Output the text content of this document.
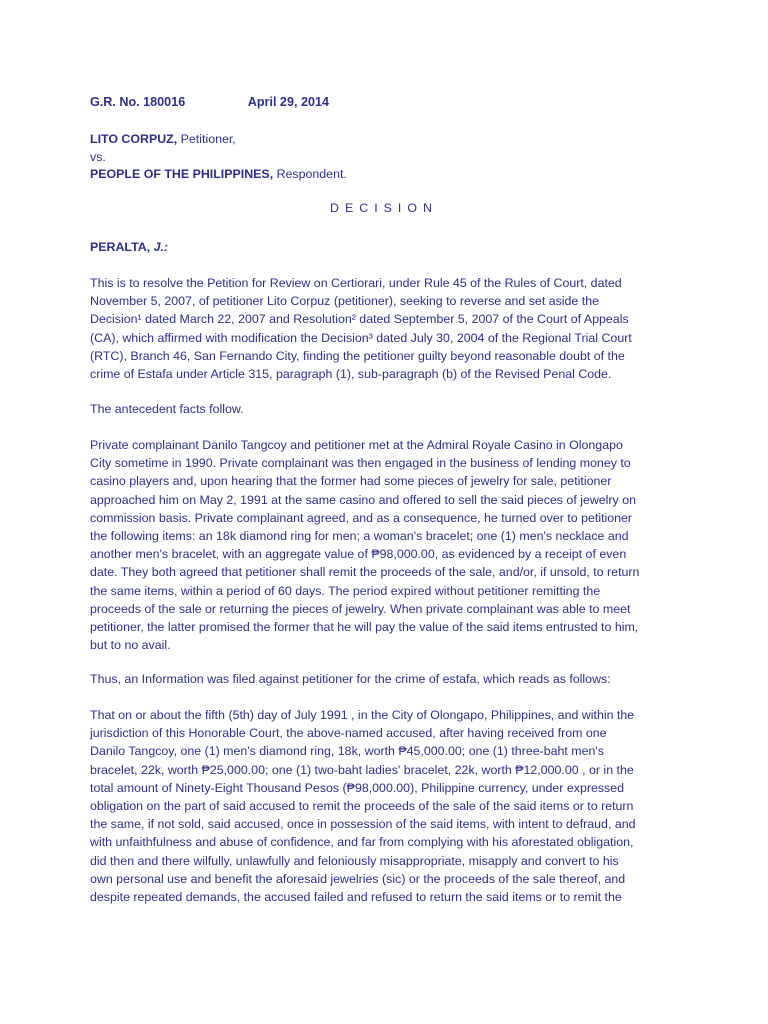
G.R. No. 180016	April 29, 2014
LITO CORPUZ, Petitioner,
vs.
PEOPLE OF THE PHILIPPINES, Respondent.
DECISION
PERALTA, J.:
This is to resolve the Petition for Review on Certiorari, under Rule 45 of the Rules of Court, dated
November 5, 2007, of petitioner Lito Corpuz (petitioner), seeking to reverse and set aside the
Decision¹ dated March 22, 2007 and Resolution² dated September 5, 2007 of the Court of Appeals
(CA), which affirmed with modification the Decision³ dated July 30, 2004 of the Regional Trial Court
(RTC), Branch 46, San Fernando City, finding the petitioner guilty beyond reasonable doubt of the
crime of Estafa under Article 315, paragraph (1), sub-paragraph (b) of the Revised Penal Code.
The antecedent facts follow.
Private complainant Danilo Tangcoy and petitioner met at the Admiral Royale Casino in Olongapo
City sometime in 1990. Private complainant was then engaged in the business of lending money to
casino players and, upon hearing that the former had some pieces of jewelry for sale, petitioner
approached him on May 2, 1991 at the same casino and offered to sell the said pieces of jewelry on
commission basis. Private complainant agreed, and as a consequence, he turned over to petitioner
the following items: an 18k diamond ring for men; a woman's bracelet; one (1) men's necklace and
another men's bracelet, with an aggregate value of ₱98,000.00, as evidenced by a receipt of even
date. They both agreed that petitioner shall remit the proceeds of the sale, and/or, if unsold, to return
the same items, within a period of 60 days. The period expired without petitioner remitting the
proceeds of the sale or returning the pieces of jewelry. When private complainant was able to meet
petitioner, the latter promised the former that he will pay the value of the said items entrusted to him,
but to no avail.
Thus, an Information was filed against petitioner for the crime of estafa, which reads as follows:
That on or about the fifth (5th) day of July 1991 , in the City of Olongapo, Philippines, and within the
jurisdiction of this Honorable Court, the above-named accused, after having received from one
Danilo Tangcoy, one (1) men's diamond ring, 18k, worth ₱45,000.00; one (1) three-baht men's
bracelet, 22k, worth ₱25,000.00; one (1) two-baht ladies' bracelet, 22k, worth ₱12,000.00 , or in the
total amount of Ninety-Eight Thousand Pesos (₱98,000.00), Philippine currency, under expressed
obligation on the part of said accused to remit the proceeds of the sale of the said items or to return
the same, if not sold, said accused, once in possession of the said items, with intent to defraud, and
with unfaithfulness and abuse of confidence, and far from complying with his aforestated obligation,
did then and there wilfully, unlawfully and feloniously misappropriate, misapply and convert to his
own personal use and benefit the aforesaid jewelries (sic) or the proceeds of the sale thereof, and
despite repeated demands, the accused failed and refused to return the said items or to remit the
